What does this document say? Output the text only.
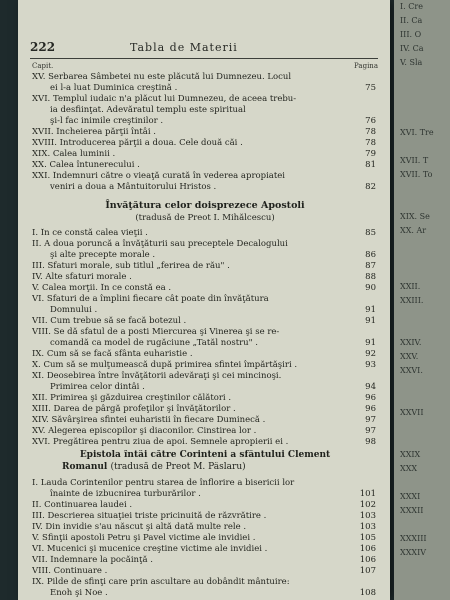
222	Tabla de Materii
Capit.	Pagina
XV. Serbarea Sâmbetei nu este plăcută lui Dumnezeu. Locul
ei l-a luat Duminica creştină .	75
XVI. Templul iudaic n'a plăcut lui Dumnezeu, de aceea trebu-
ia desfiinţat. Adevăratul templu este spiritual
şi-l fac inimile creştinilor .	76
XVII. Încheierea părţii întâi .	78
XVIII. Introducerea părţii a doua. Cele două căi .	78
XIX. Calea luminii .	79
XX. Calea întunerecului .	81
XXI. Îndemnuri către o vieaţă curată în vederea apropiatei
veniri a doua a Mântuitorului Hristos .	82
Învăţătura celor doisprezece Apostoli
(tradusă de Preot I. Mihălcescu)
I. În ce constă calea vieţii .	85
II. A doua poruncă a învăţăturii sau preceptele Decalogului
şi alte precepte morale .	86
III. Sfaturi morale, sub titlul „ferirea de rău" .	87
IV. Alte sfaturi morale .	88
V. Calea morţii. În ce constă ea .	90
VI. Sfaturi de a împlini fiecare cât poate din învăţătura
Domnului .	91
VII. Cum trebue să se facă botezul .	91
VIII. Se dă sfatul de a posti Miercurea şi Vinerea şi se re-
comandă ca model de rugăciune „Tatăl nostru" .	91
IX. Cum să se facă sfânta euharistie .	92
X. Cum să se mulţumească după primirea sfintei împărtăşiri .	93
XI. Deosebirea între învăţătorii adevăraţi şi cei mincinoşi.
Primirea celor dintâi .	94
XII. Primirea şi găzduirea creştinilor călători .	96
XIII. Darea de pârgă profeţilor şi învăţătorilor .	96
XIV. Săvârşirea sfintei euharistii în fiecare Duminecă .	97
XV. Alegerea episcopilor şi diaconilor. Cinstirea lor .	97
XVI. Pregătirea pentru ziua de apoi. Semnele apropierii ei .	98
Epistola întâi către Corinteni a sfântului Clement
Romanul (tradusă de Preot M. Pâslaru)
I. Lauda Corintenilor pentru starea de înflorire a bisericii lor
înainte de izbucnirea turburărilor .	101
II. Continuarea laudei .	102
III. Descrierea situaţiei triste pricinuită de răzvrătire .	103
IV. Din invidie s'au născut şi altă dată multe rele .	103
V. Sfinţii apostoli Petru şi Pavel victime ale invidiei .	105
VI. Mucenici şi mucenice creştine victime ale invidiei .	106
VII. Îndemnare la pocăinţă .	106
VIII. Continuare .	107
IX. Pilde de sfinţi care prin ascultare au dobândit mântuire:
Enoh şi Noe .	108
I. Cre
II. Ca
III. O
IV. Ca
V. Sla
XVI. Tre
XVII. T
XVII. To
XIX. Se
XX. Ar
XXII.
XXIII.
XXIV.
XXV.
XXVI.
XXVII
XXIX
XXX
XXXI
XXXII
XXXIII
XXXIV
